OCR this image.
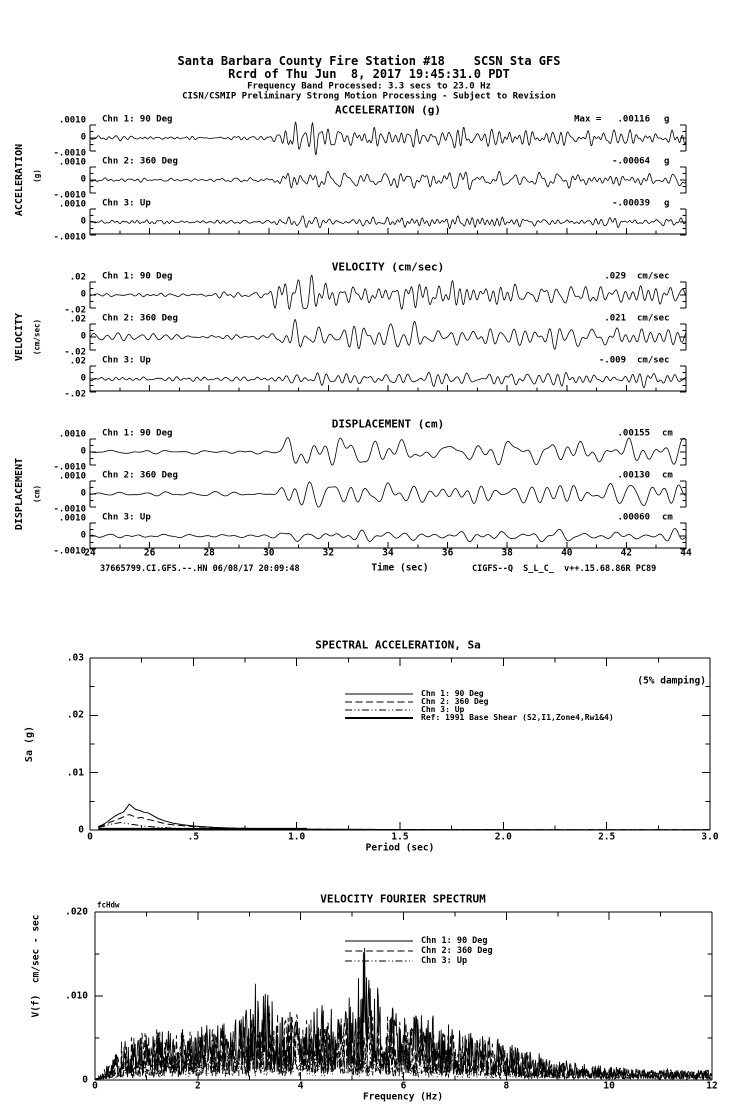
Santa Barbara County Fire Station #18    SCSN Sta GFS
Rcrd of Thu Jun  8, 2017 19:45:31.0 PDT
Frequency Band Processed: 3.3 secs to 23.0 Hz
CISN/CSMIP Preliminary Strong Motion Processing - Subject to Revision
ACCELERATION (g)
VELOCITY (cm/sec)
DISPLACEMENT (cm)
ACCELERATION (g)
VELOCITY (cm/sec)
DISPLACEMENT (cm)
Time (sec)
37665799.CI.GFS.--.HN 06/08/17 20:09:48	CIGFS--Q  S_L_C_  v++.15.68.86R PC89
SPECTRAL ACCELERATION, Sa
(5% damping)
Sa (g)
Period (sec)
VELOCITY FOURIER SPECTRUM
fcHdw
V(f)  cm/sec - sec
Frequency (Hz)
Chn 1: 90 Deg
.0010
0
-.0010
Max =   .00116 g
Chn 2: 360 Deg
.0010
0
-.0010
-.00064 g
Chn 3: Up
.0010
0
-.0010
-.00039 g
Chn 1: 90 Deg
.02
0
-.02
.029 cm/sec
Chn 2: 360 Deg
.02
0
-.02
.021 cm/sec
Chn 3: Up
.02
0
-.02
-.009 cm/sec
Chn 1: 90 Deg
.0010
0
-.0010
.00155 cm
Chn 2: 360 Deg
.0010
0
-.0010
.00130 cm
Chn 3: Up
.0010
0
-.0010
.00060 cm
24	26	28	30	32	34	36	38	40	42	44
0
.01
.02
.03
0	.5	1.0	1.5	2.0	2.5	3.0
Chn 1: 90 Deg
Chn 2: 360 Deg
Chn 3: Up
Ref: 1991 Base Shear (S2,I1,Zone4,Rw1&4)
0
.010
.020
0	2	4	6	8	10	12
Chn 1: 90 Deg
Chn 2: 360 Deg
Chn 3: Up
